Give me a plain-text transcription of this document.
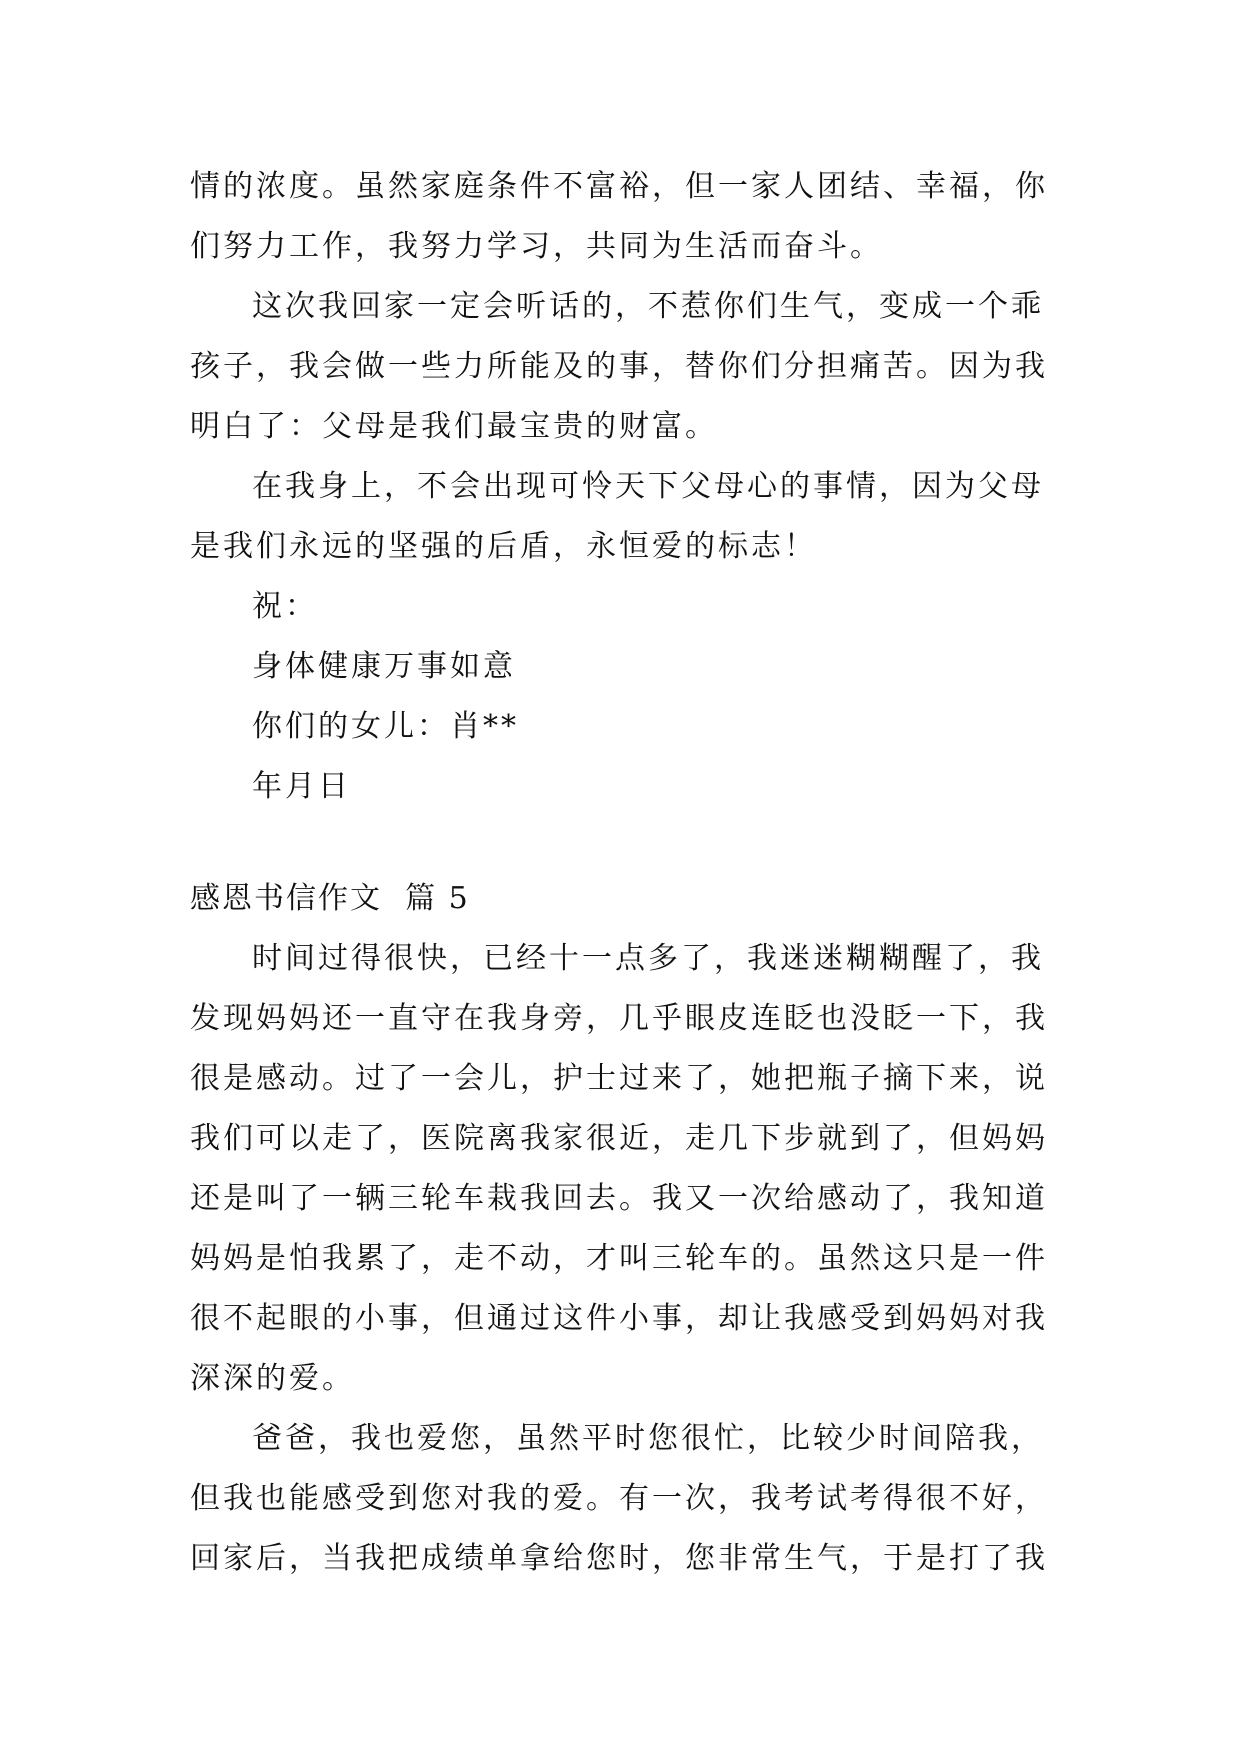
情的浓度。虽然家庭条件不富裕，但一家人团结、幸福，你
们努力工作，我努力学习，共同为生活而奋斗。
这次我回家一定会听话的，不惹你们生气，变成一个乖
孩子，我会做一些力所能及的事，替你们分担痛苦。因为我
明白了：父母是我们最宝贵的财富。
在我身上，不会出现可怜天下父母心的事情，因为父母
是我们永远的坚强的后盾，永恒爱的标志！
祝：
身体健康万事如意
你们的女儿：肖**
年月日
感恩书信作文  篇 5
时间过得很快，已经十一点多了，我迷迷糊糊醒了，我
发现妈妈还一直守在我身旁，几乎眼皮连眨也没眨一下，我
很是感动。过了一会儿，护士过来了，她把瓶子摘下来，说
我们可以走了，医院离我家很近，走几下步就到了，但妈妈
还是叫了一辆三轮车栽我回去。我又一次给感动了，我知道
妈妈是怕我累了，走不动，才叫三轮车的。虽然这只是一件
很不起眼的小事，但通过这件小事，却让我感受到妈妈对我
深深的爱。
爸爸，我也爱您，虽然平时您很忙，比较少时间陪我，
但我也能感受到您对我的爱。有一次，我考试考得很不好，
回家后，当我把成绩单拿给您时，您非常生气，于是打了我
